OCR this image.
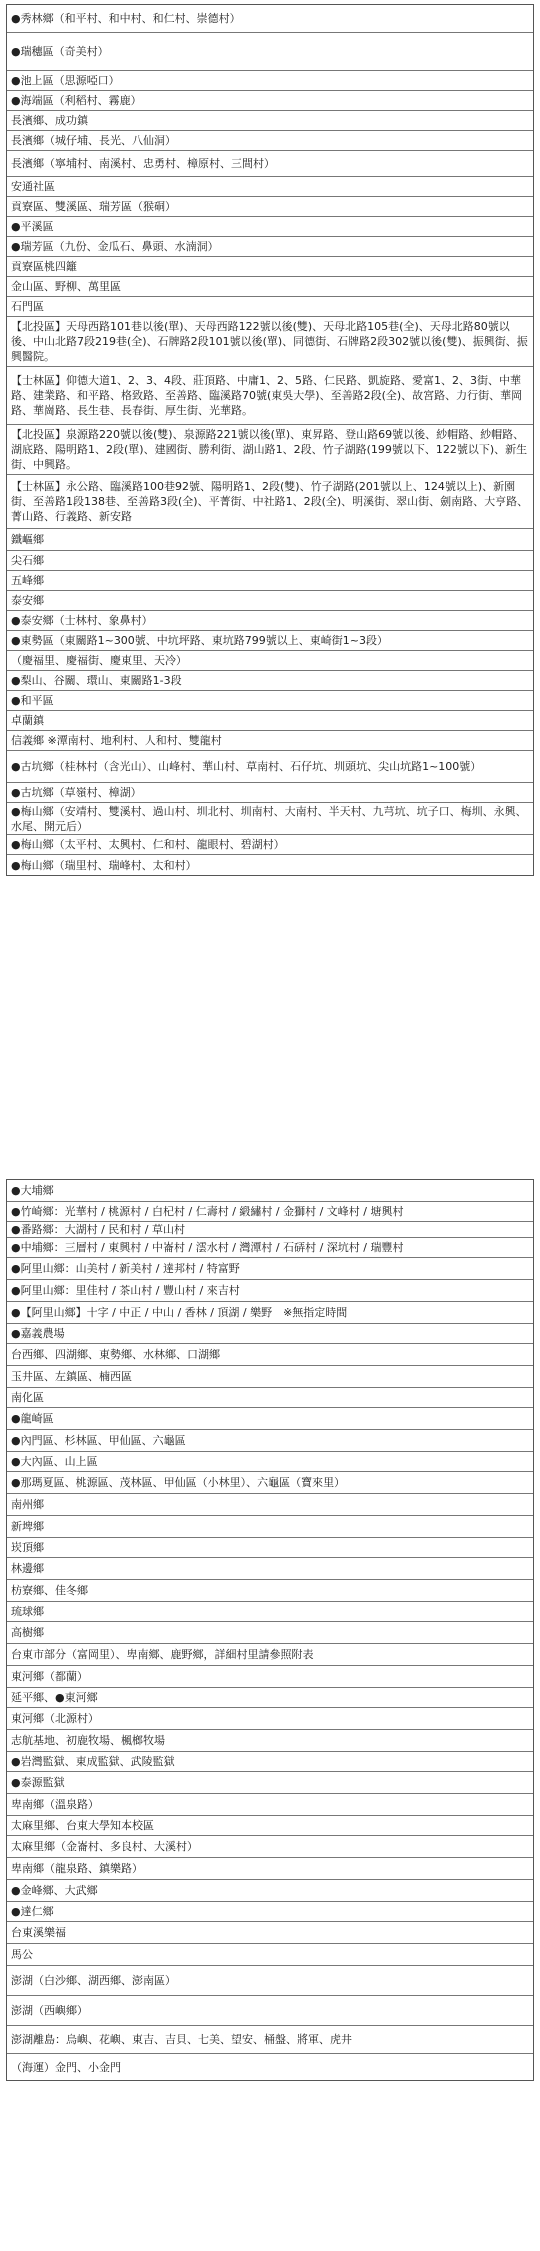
●秀林鄉（和平村、和中村、和仁村、崇德村）
●瑞穗區（奇美村）
●池上區（思源啞口）
●海端區（利稻村、霧鹿）
長濱鄉、成功鎮
長濱鄉（城仔埔、長光、八仙洞）
長濱鄉（寧埔村、南溪村、忠勇村、樟原村、三間村）
安通社區
貢寮區、雙溪區、瑞芳區（猴硐）
●平溪區
●瑞芳區（九份、金瓜石、鼻頭、水湳洞）
貢寮區桃四籬
金山區、野柳、萬里區
石門區
【北投區】天母西路101巷以後(單)、天母西路122號以後(雙)、天母北路105巷(全)、天母北路80號以後、中山北路7段219巷(全)、石牌路2段101號以後(單)、同德街、石牌路2段302號以後(雙)、振興街、振興醫院。
【士林區】仰德大道1、2、3、4段、莊頂路、中庸1、2、5路、仁民路、凱旋路、愛富1、2、3街、中華路、建業路、和平路、格致路、至善路、臨溪路70號(東吳大學)、至善路2段(全)、故宮路、力行街、華岡路、華崗路、長生巷、長春街、厚生街、光華路。
【北投區】泉源路220號以後(雙)、泉源路221號以後(單)、東昇路、登山路69號以後、紗帽路、紗帽路、湖底路、陽明路1、2段(單)、建國街、勝利街、湖山路1、2段、竹子湖路(199號以下、122號以下)、新生街、中興路。
【士林區】永公路、臨溪路100巷92號、陽明路1、2段(雙)、竹子湖路(201號以上、124號以上)、新園街、至善路1段138巷、至善路3段(全)、平菁街、中社路1、2段(全)、明溪街、翠山街、劍南路、大亨路、菁山路、行義路、新安路
鐵嶇鄉
尖石鄉
五峰鄉
泰安鄉
●泰安鄉（士林村、象鼻村）
●東勢區（東關路1~300號、中坑坪路、東坑路799號以上、東崎街1~3段）
（慶福里、慶福街、慶東里、天冷）
●梨山、谷關、環山、東關路1-3段
●和平區
卓蘭鎮
信義鄉 ※潭南村、地利村、人和村、雙龍村
●古坑鄉（桂林村（含光山）、山峰村、華山村、草南村、石仔坑、圳頭坑、尖山坑路1~100號）
●古坑鄉（草嶺村、樟湖）
●梅山鄉（安靖村、雙溪村、過山村、圳北村、圳南村、大南村、半天村、九芎坑、坑子口、梅圳、永興、水尾、開元后）
●梅山鄉（太平村、太興村、仁和村、龍眼村、碧湖村）
●梅山鄉（瑞里村、瑞峰村、太和村）
●大埔鄉
●竹崎鄉：光華村 / 桃源村 / 白杞村 / 仁壽村 / 緞繡村 / 金獅村 / 文峰村 / 塘興村
●番路鄉：大湖村 / 民和村 / 草山村
●中埔鄉：三層村 / 東興村 / 中崙村 / 澐水村 / 灣潭村 / 石硦村 / 深坑村 / 瑞豐村
●阿里山鄉：山美村 / 新美村 / 達邦村 / 特富野
●阿里山鄉：里佳村 / 茶山村 / 豐山村 / 來吉村
●【阿里山鄉】十字 / 中正 / 中山 / 香林 / 頂湖 / 樂野　※無指定時間
●嘉義農場
台西鄉、四湖鄉、東勢鄉、水林鄉、口湖鄉
玉井區、左鎮區、楠西區
南化區
●龍崎區
●內門區、杉林區、甲仙區、六龜區
●大內區、山上區
●那瑪夏區、桃源區、茂林區、甲仙區（小林里）、六龜區（寶來里）
南州鄉
新埤鄉
崁頂鄉
林邊鄉
枋寮鄉、佳冬鄉
琉球鄉
高樹鄉
台東市部分（富岡里）、卑南鄉、鹿野鄉，詳細村里請參照附表
東河鄉（都蘭）
延平鄉、●東河鄉
東河鄉（北源村）
志航基地、初鹿牧場、楓榔牧場
●岩灣監獄、東成監獄、武陵監獄
●泰源監獄
卑南鄉（溫泉路）
太麻里鄉、台東大學知本校區
太麻里鄉（金崙村、多良村、大溪村）
卑南鄉（龍泉路、鎮樂路）
●金峰鄉、大武鄉
●達仁鄉
台東溪樂福
馬公
澎湖（白沙鄉、湖西鄉、澎南區）
澎湖（西嶼鄉）
澎湖離島：烏嶼、花嶼、東吉、吉貝、七美、望安、桶盤、將軍、虎井
（海運）金門、小金門
